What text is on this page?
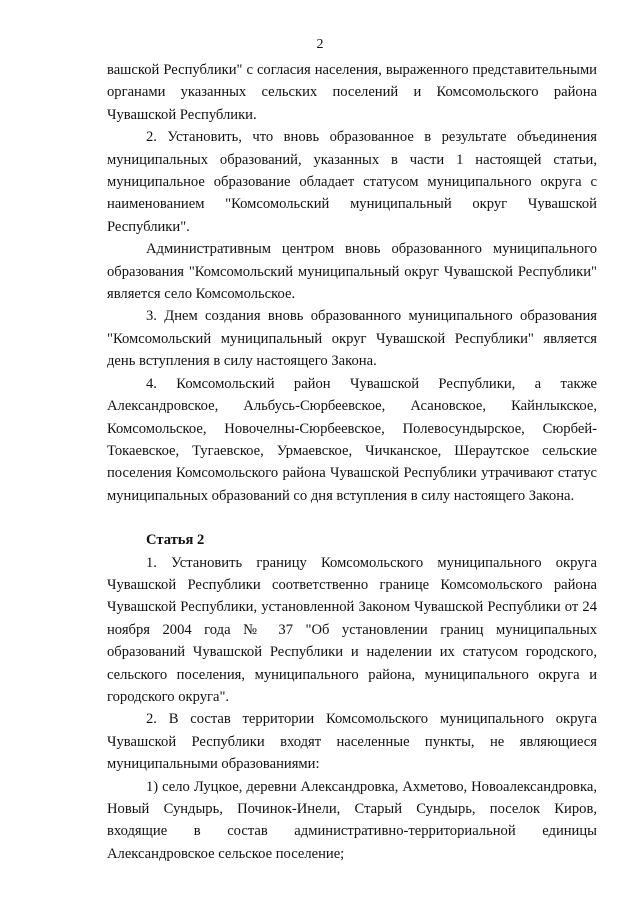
2

вашской Республики" с согласия населения, выраженного представительными органами указанных сельских поселений и Комсомольского района Чувашской Республики.

2. Установить, что вновь образованное в результате объединения муниципальных образований, указанных в части 1 настоящей статьи, муниципальное образование обладает статусом муниципального округа с наименованием "Комсомольский муниципальный округ Чувашской Республики".

Административным центром вновь образованного муниципального образования "Комсомольский муниципальный округ Чувашской Республики" является село Комсомольское.

3. Днем создания вновь образованного муниципального образования "Комсомольский муниципальный округ Чувашской Республики" является день вступления в силу настоящего Закона.

4. Комсомольский район Чувашской Республики, а также Александровское, Альбусь-Сюрбеевское, Асановское, Кайнлыкское, Комсомольское, Новочелны-Сюрбеевское, Полевосундырское, Сюрбей-Токаевское, Тугаевское, Урмаевское, Чичканское, Шераутское сельские поселения Комсомольского района Чувашской Республики утрачивают статус муниципальных образований со дня вступления в силу настоящего Закона.

Статья 2

1. Установить границу Комсомольского муниципального округа Чувашской Республики соответственно границе Комсомольского района Чувашской Республики, установленной Законом Чувашской Республики от 24 ноября 2004 года № 37 "Об установлении границ муниципальных образований Чувашской Республики и наделении их статусом городского, сельского поселения, муниципального района, муниципального округа и городского округа".

2. В состав территории Комсомольского муниципального округа Чувашской Республики входят населенные пункты, не являющиеся муниципальными образованиями:

1) село Луцкое, деревни Александровка, Ахметово, Новоалександровка, Новый Сундырь, Починок-Инели, Старый Сундырь, поселок Киров, входящие в состав административно-территориальной единицы Александровское сельское поселение;
